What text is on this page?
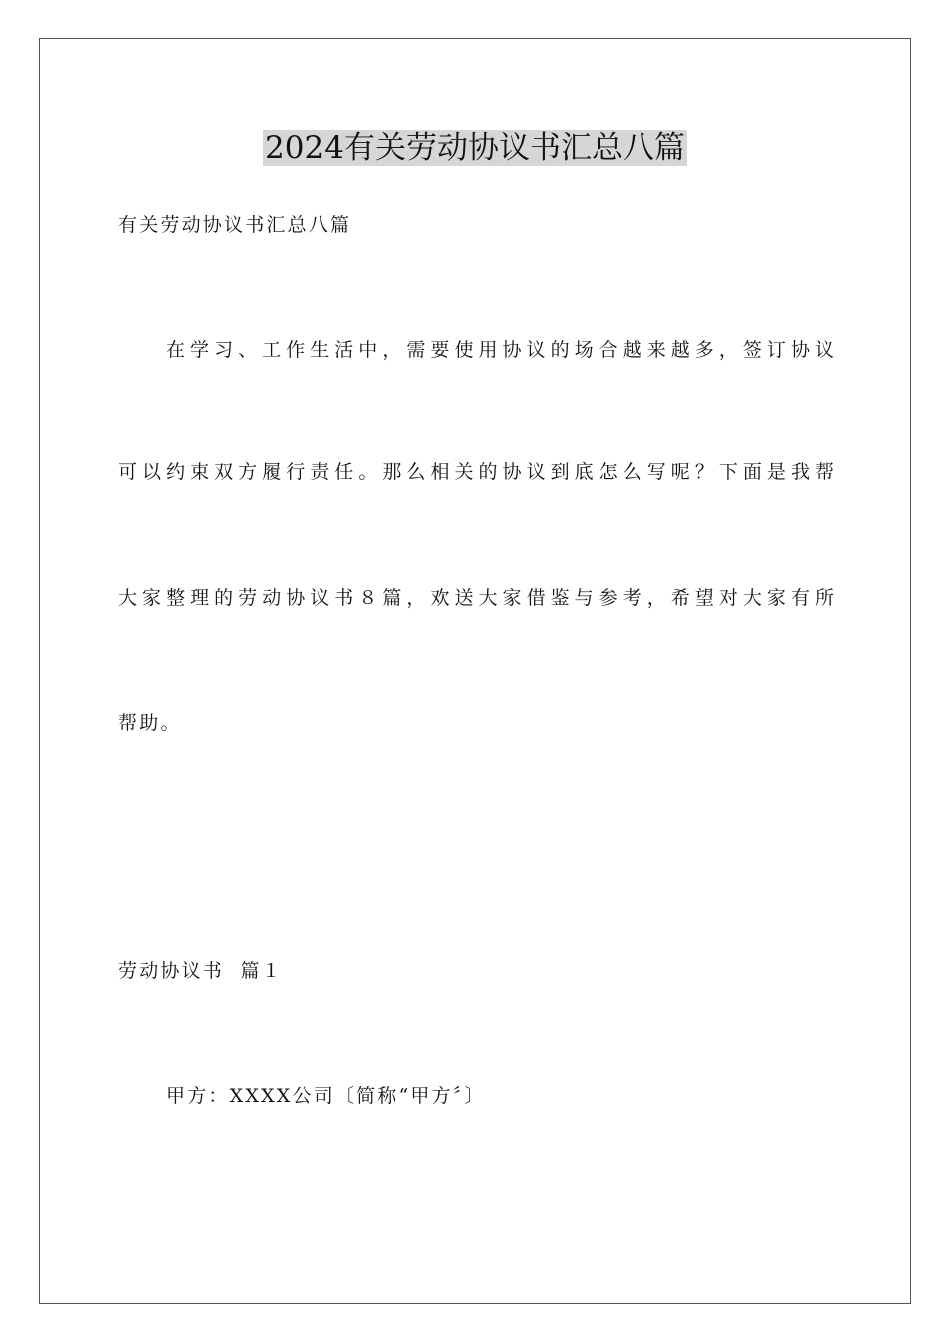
2024有关劳动协议书汇总八篇

有关劳动协议书汇总八篇

在学习、工作生活中，需要使用协议的场合越来越多，签订协议

可以约束双方履行责任。那么相关的协议到底怎么写呢？下面是我帮

大家整理的劳动协议书８篇，欢送大家借鉴与参考，希望对大家有所

帮助。

劳动协议书  篇１

甲方：XXXX公司〔简称“甲方〞〕
